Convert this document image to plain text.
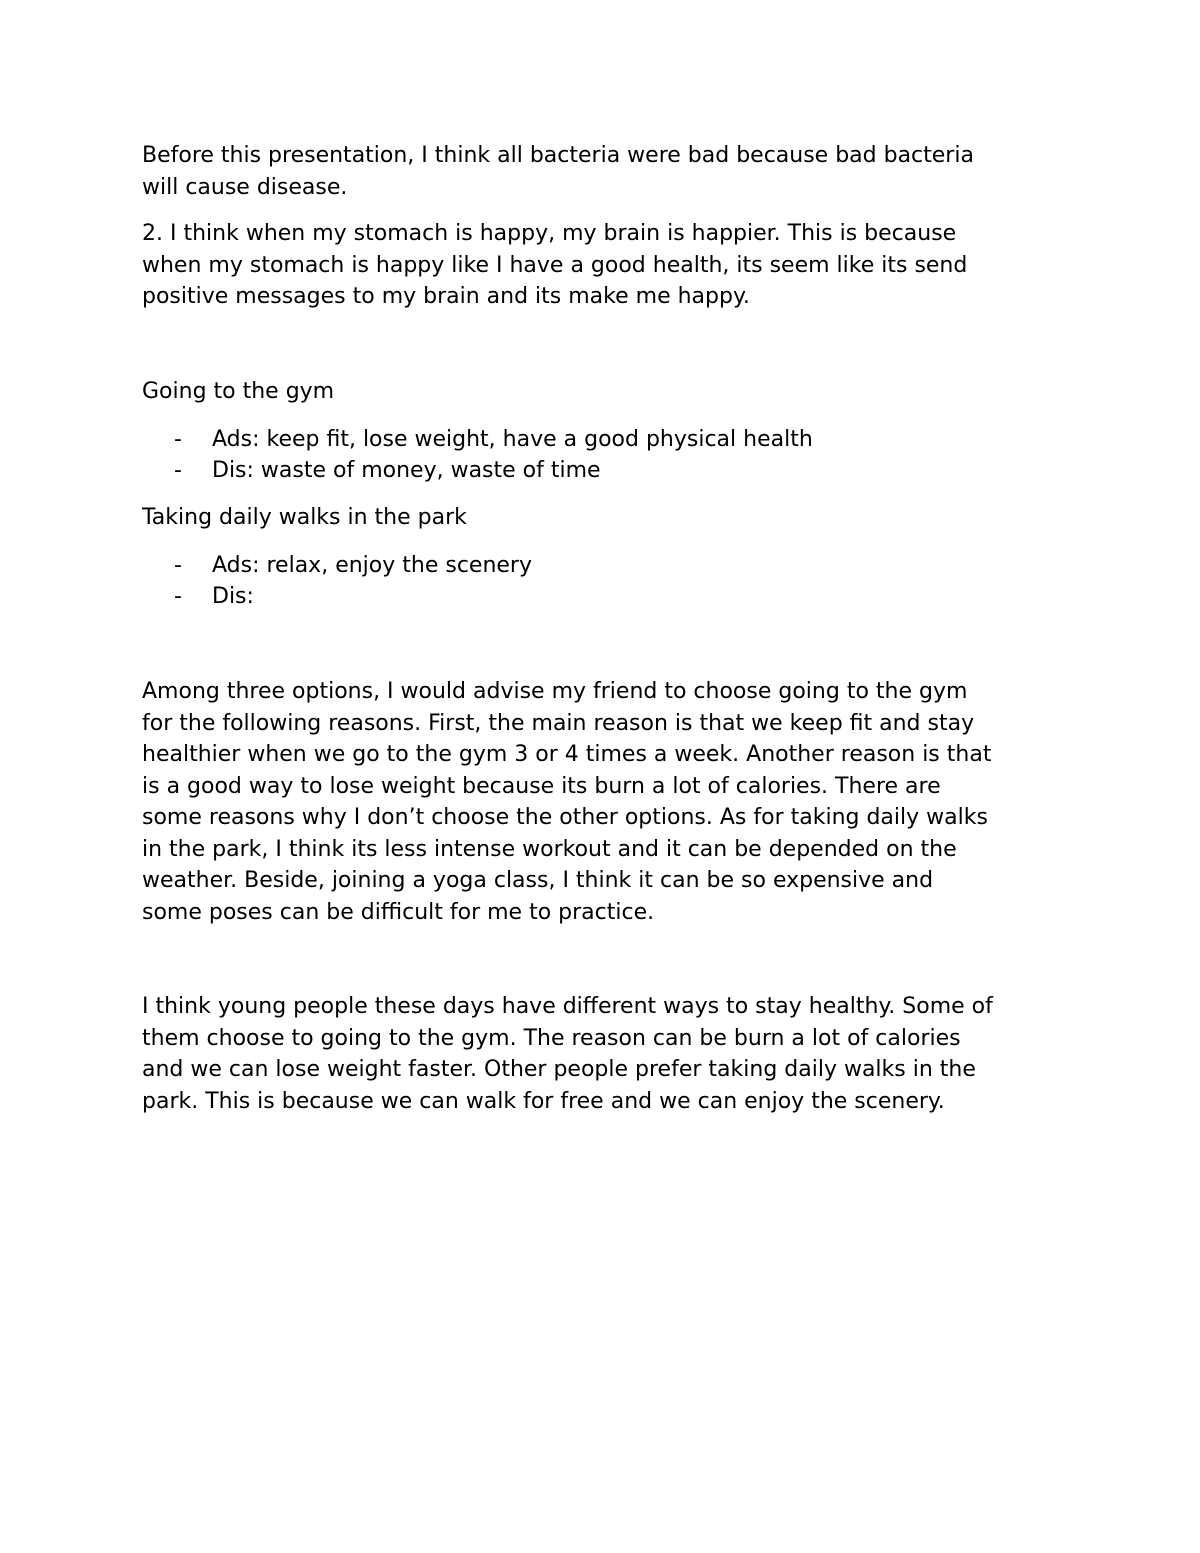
Before this presentation, I think all bacteria were bad because bad bacteria
will cause disease.

2. I think when my stomach is happy, my brain is happier. This is because
when my stomach is happy like I have a good health, its seem like its send
positive messages to my brain and its make me happy.

Going to the gym

- Ads: keep fit, lose weight, have a good physical health
- Dis: waste of money, waste of time

Taking daily walks in the park

- Ads: relax, enjoy the scenery
- Dis:

Among three options, I would advise my friend to choose going to the gym
for the following reasons. First, the main reason is that we keep fit and stay
healthier when we go to the gym 3 or 4 times a week. Another reason is that
is a good way to lose weight because its burn a lot of calories. There are
some reasons why I don’t choose the other options. As for taking daily walks
in the park, I think its less intense workout and it can be depended on the
weather. Beside, joining a yoga class, I think it can be so expensive and
some poses can be difficult for me to practice.

I think young people these days have different ways to stay healthy. Some of
them choose to going to the gym. The reason can be burn a lot of calories
and we can lose weight faster. Other people prefer taking daily walks in the
park. This is because we can walk for free and we can enjoy the scenery.
